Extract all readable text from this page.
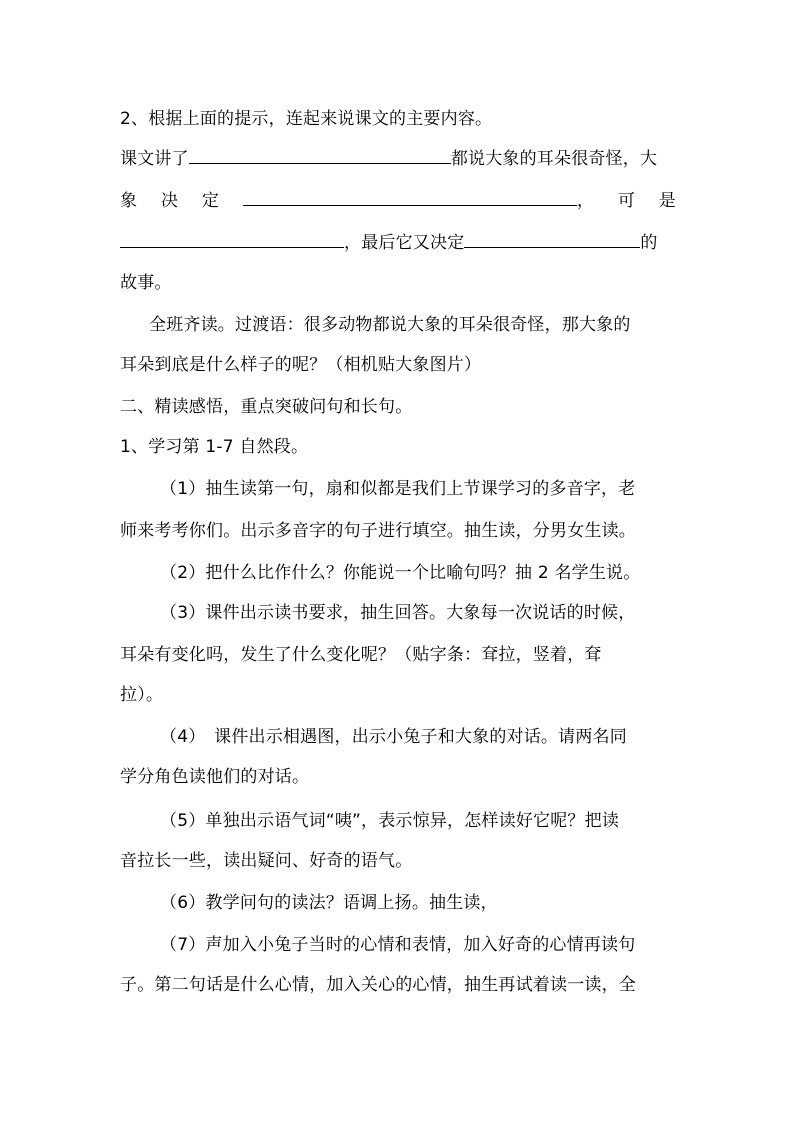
2、根据上面的提示，连起来说课文的主要内容。
课文讲了	都说大象的耳朵很奇怪，大
象 决 定	， 可 是
，最后它又决定	的
故事。
全班齐读。过渡语：很多动物都说大象的耳朵很奇怪，那大象的
耳朵到底是什么样子的呢？（相机贴大象图片）
二、精读感悟，重点突破问句和长句。
1、学习第 1-7 自然段。
（1）抽生读第一句，扇和似都是我们上节课学习的多音字，老
师来考考你们。出示多音字的句子进行填空。抽生读，分男女生读。
（2）把什么比作什么？你能说一个比喻句吗？抽 2 名学生说。
（3）课件出示读书要求，抽生回答。大象每一次说话的时候，
耳朵有变化吗，发生了什么变化呢？（贴字条：耷拉，竖着，耷
拉）。
（4）　课件出示相遇图，出示小兔子和大象的对话。请两名同
学分角色读他们的对话。
（5）单独出示语气词“咦”，表示惊异，怎样读好它呢？把读
音拉长一些，读出疑问、好奇的语气。
（6）教学问句的读法？语调上扬。抽生读，
（7）声加入小兔子当时的心情和表情，加入好奇的心情再读句
子。第二句话是什么心情，加入关心的心情，抽生再试着读一读，全
